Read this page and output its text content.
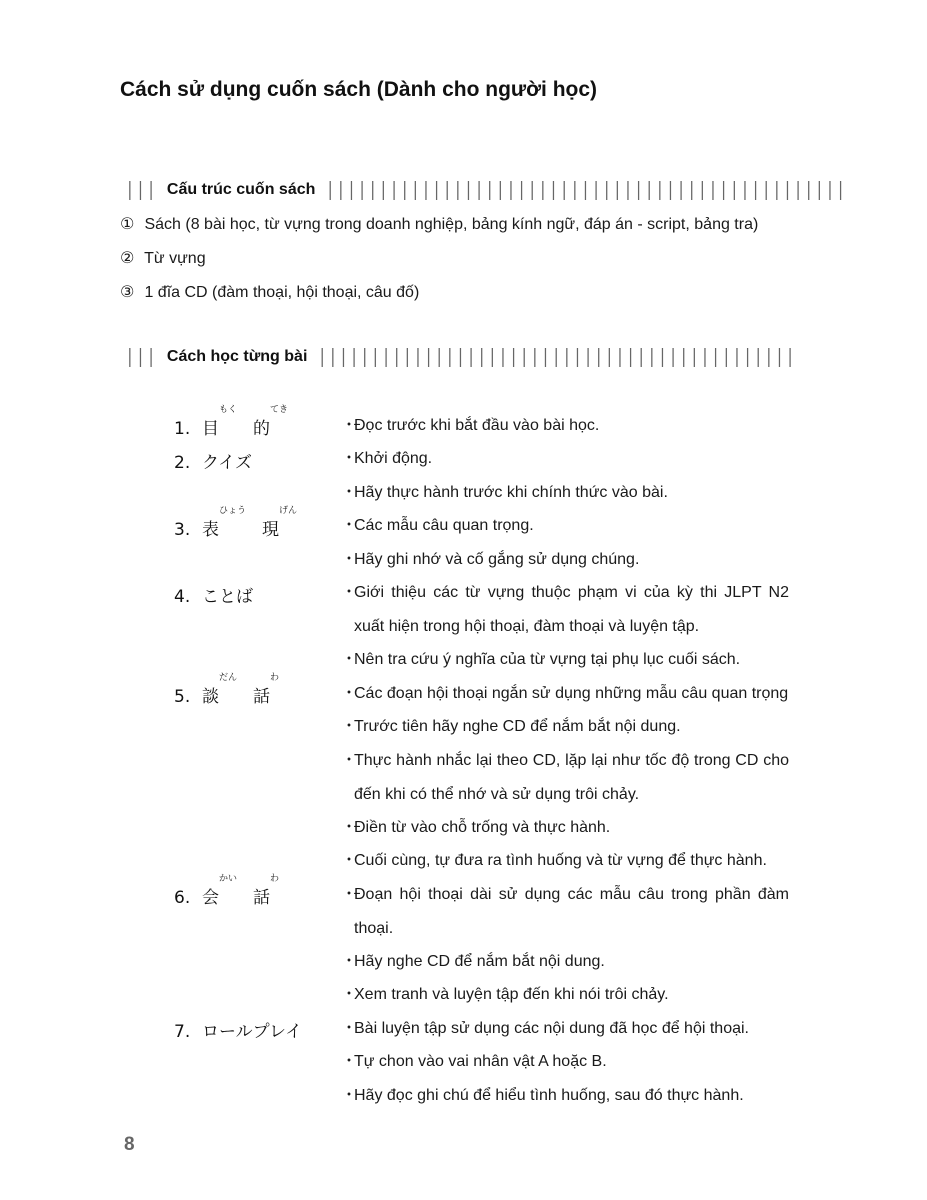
Cách sử dụng cuốn sách (Dành cho người học)
│││ Cấu trúc cuốn sách │││││││││││││││││││││││││││││││││││││││││││││││││
① Sách (8 bài học, từ vựng trong doanh nghiệp, bảng kính ngữ, đáp án - script, bảng tra)
② Từ vựng
③ 1 đĩa CD (đàm thoại, hội thoại, câu đố)
│││ Cách học từng bài │││││││││││││││││││││││││││││││││││││││││││││
1. 目もく的てき
2. クイズ
3. 表ひょう現げん
4. ことば
5. 談だん話わ
6. 会かい話わ
7. ロールプレイ
・
Đọc trước khi bắt đầu vào bài học.
・
Khởi động.
・
Hãy thực hành trước khi chính thức vào bài.
・
Các mẫu câu quan trọng.
・
Hãy ghi nhớ và cố gắng sử dụng chúng.
・
Giới thiệu các từ vựng thuộc phạm vi của kỳ thi JLPT N2 xuất hiện trong hội thoại, đàm thoại và luyện tập.
・
Nên tra cứu ý nghĩa của từ vựng tại phụ lục cuối sách.
・
Các đoạn hội thoại ngắn sử dụng những mẫu câu quan trọng
・
Trước tiên hãy nghe CD để nắm bắt nội dung.
・
Thực hành nhắc lại theo CD, lặp lại như tốc độ trong CD cho đến khi có thể nhớ và sử dụng trôi chảy.
・
Điền từ vào chỗ trống và thực hành.
・
Cuối cùng, tự đưa ra tình huống và từ vựng để thực hành.
・
Đoạn hội thoại dài sử dụng các mẫu câu trong phần đàm thoại.
・
Hãy nghe CD để nắm bắt nội dung.
・
Xem tranh và luyện tập đến khi nói trôi chảy.
・
Bài luyện tập sử dụng các nội dung đã học để hội thoại.
・
Tự chon vào vai nhân vật A hoặc B.
・
Hãy đọc ghi chú để hiểu tình huống, sau đó thực hành.
8
